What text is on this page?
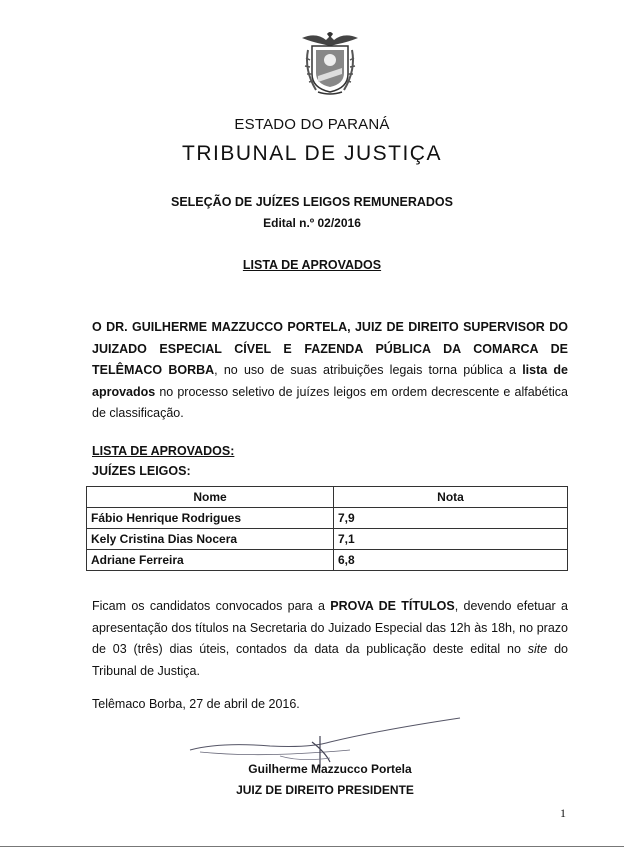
ESTADO DO PARANÁ
TRIBUNAL DE JUSTIÇA
SELEÇÃO DE JUÍZES LEIGOS REMUNERADOS
Edital n.º 02/2016
LISTA DE APROVADOS
O DR. GUILHERME MAZZUCCO PORTELA, JUIZ DE DIREITO SUPERVISOR DO JUIZADO ESPECIAL CÍVEL E FAZENDA PÚBLICA DA COMARCA DE TELÊMACO BORBA, no uso de suas atribuições legais torna pública a lista de aprovados no processo seletivo de juízes leigos em ordem decrescente e alfabética de classificação.
LISTA DE APROVADOS:
JUÍZES LEIGOS:
Nome	Nota
Fábio Henrique Rodrigues	7,9
Kely Cristina Dias Nocera	7,1
Adriane Ferreira	6,8
Ficam os candidatos convocados para a PROVA DE TÍTULOS, devendo efetuar a apresentação dos títulos na Secretaria do Juizado Especial das 12h às 18h, no prazo de 03 (três) dias úteis, contados da data da publicação deste edital no site do Tribunal de Justiça.
Telêmaco Borba, 27 de abril de 2016.
Guilherme Mazzucco Portela
JUIZ DE DIREITO PRESIDENTE
1
